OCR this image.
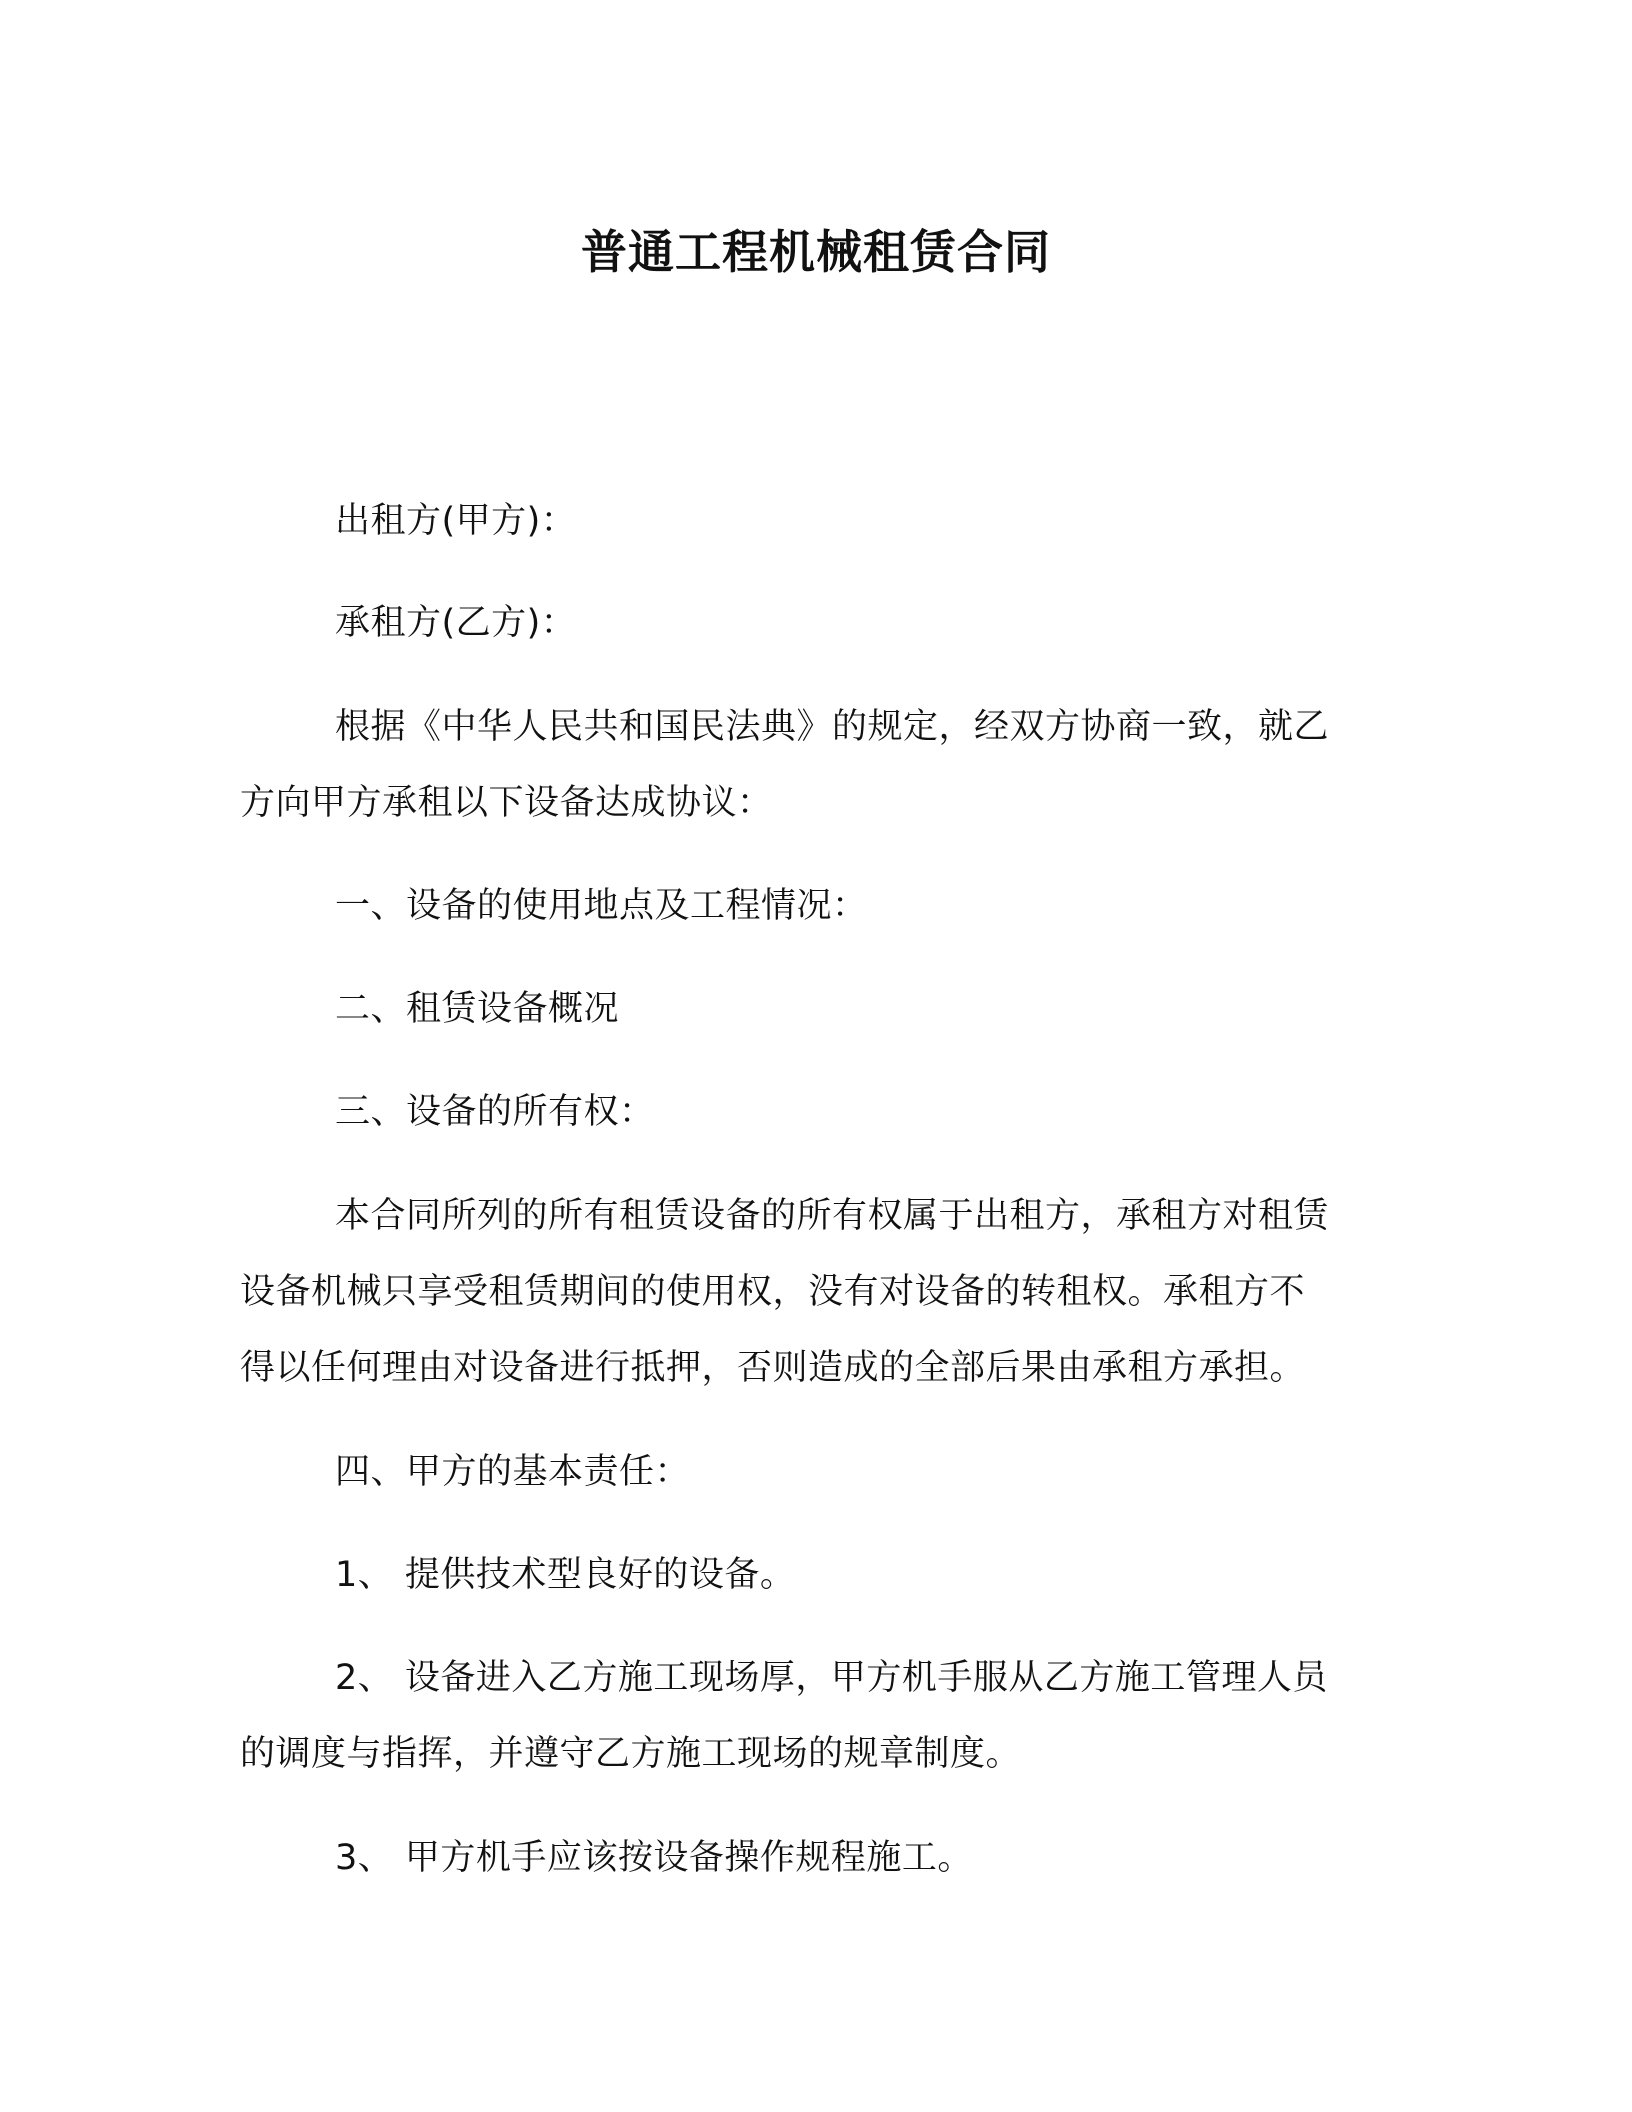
普通工程机械租赁合同

出租方(甲方)：

承租方(乙方)：

根据《中华人民共和国民法典》的规定，经双方协商一致，就乙

方向甲方承租以下设备达成协议：

一、设备的使用地点及工程情况：

二、租赁设备概况

三、设备的所有权：

本合同所列的所有租赁设备的所有权属于出租方，承租方对租赁

设备机械只享受租赁期间的使用权，没有对设备的转租权。承租方不

得以任何理由对设备进行抵押，否则造成的全部后果由承租方承担。

四、甲方的基本责任：

1、 提供技术型良好的设备。

2、 设备进入乙方施工现场厚，甲方机手服从乙方施工管理人员

的调度与指挥，并遵守乙方施工现场的规章制度。

3、 甲方机手应该按设备操作规程施工。
